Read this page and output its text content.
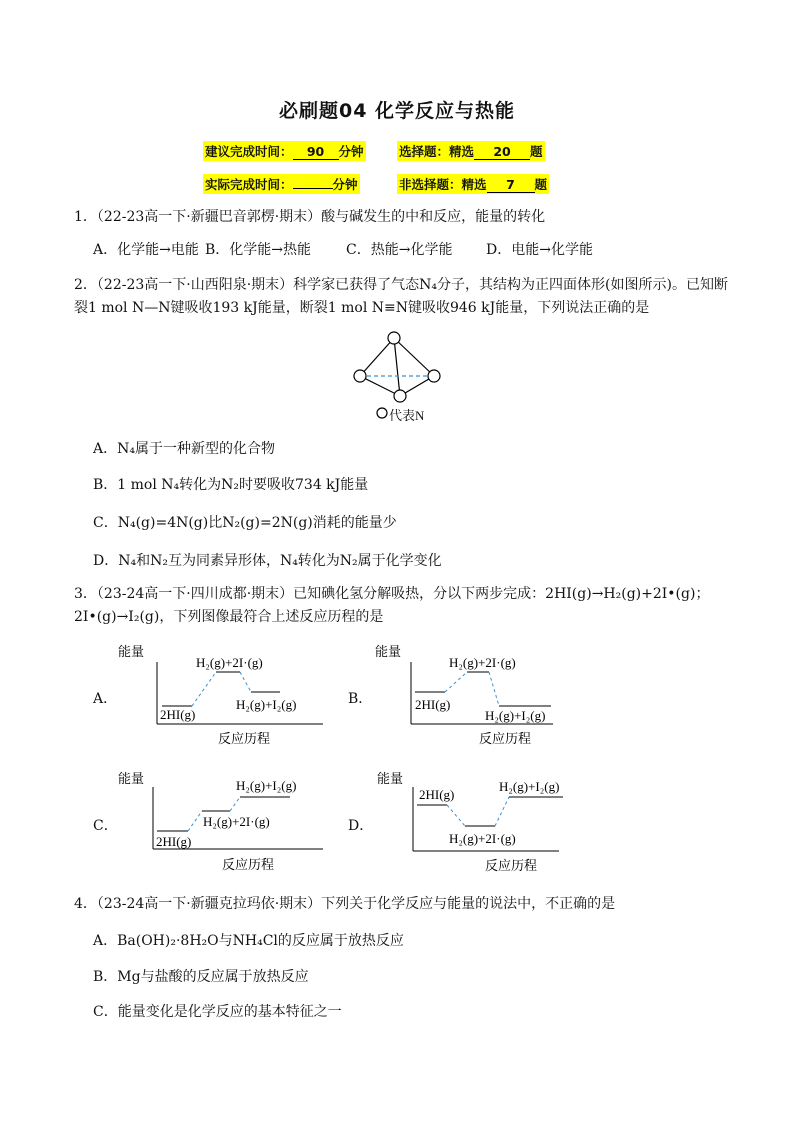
必刷题04 化学反应与热能
建议完成时间： 90 分钟	选择题：精选 20 题
实际完成时间：	分钟	非选择题：精选 7 题
1．（22-23高一下·新疆巴音郭楞·期末）酸与碱发生的中和反应，能量的转化
A．化学能→电能 B．化学能→热能 C．热能→化学能 D．电能→化学能
2．（22-23高一下·山西阳泉·期末）科学家已获得了气态N₄分子，其结构为正四面体形(如图所示)。已知断
裂1 mol N—N键吸收193 kJ能量，断裂1 mol N≡N键吸收946 kJ能量，下列说法正确的是
代表N
A．N₄属于一种新型的化合物
B．1 mol N₄转化为N₂时要吸收734 kJ能量
C．N₄(g)=4N(g)比N₂(g)=2N(g)消耗的能量少
D．N₄和N₂互为同素异形体，N₄转化为N₂属于化学变化
3．（23-24高一下·四川成都·期末）已知碘化氢分解吸热，分以下两步完成：2HI(g)→H₂(g)+2I•(g)；
2I•(g)→I₂(g)，下列图像最符合上述反应历程的是
A．	B．
C．	D．
能量
2HI(g)
H₂(g)+2I·(g)
H₂(g)+I₂(g)
反应历程
能量
2HI(g)
H₂(g)+2I·(g)
H₂(g)+I₂(g)
反应历程
能量
2HI(g)
H₂(g)+2I·(g)
H₂(g)+I₂(g)
反应历程
能量
2HI(g)
H₂(g)+2I·(g)
H₂(g)+I₂(g)
反应历程
4．（23-24高一下·新疆克拉玛依·期末）下列关于化学反应与能量的说法中，不正确的是
A．Ba(OH)₂·8H₂O与NH₄Cl的反应属于放热反应
B．Mg与盐酸的反应属于放热反应
C．能量变化是化学反应的基本特征之一
